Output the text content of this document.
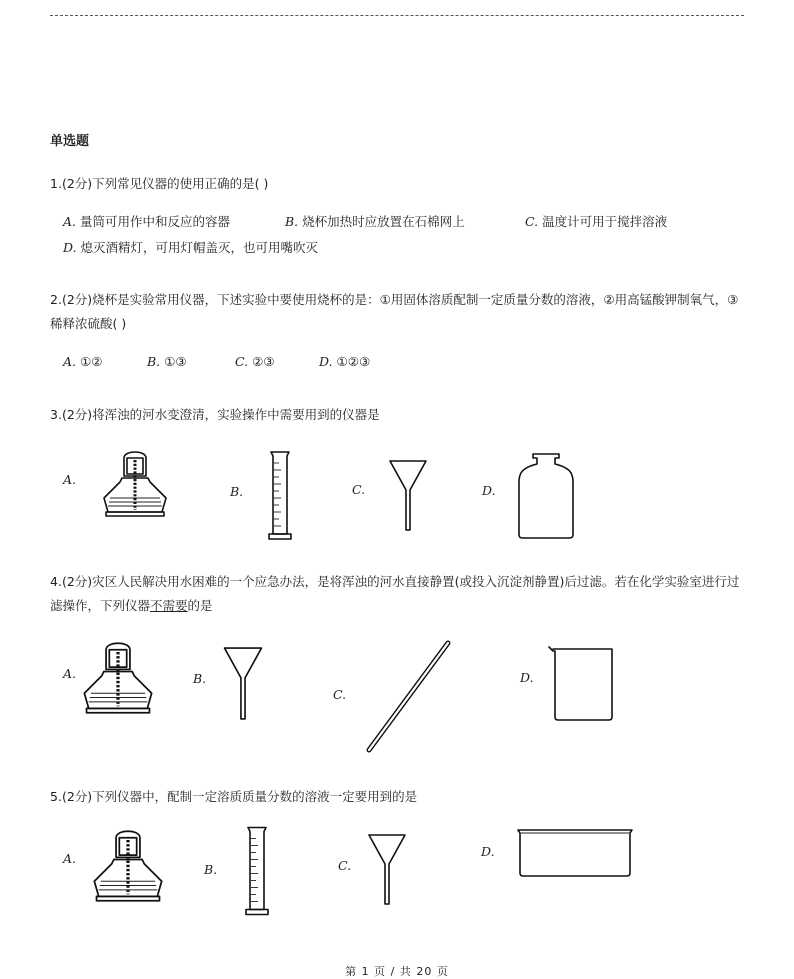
单选题
1.(2分)下列常见仪器的使用正确的是( )
A. 量筒可用作中和反应的容器	B. 烧杯加热时应放置在石棉网上	C. 温度计可用于搅拌溶液
D. 熄灭酒精灯，可用灯帽盖灭，也可用嘴吹灭
2.(2分)烧杯是实验常用仪器，下述实验中要使用烧杯的是：①用固体溶质配制一定质量分数的溶液，②用高锰酸钾制氧气，③稀释浓硫酸( )
A. ①②	B. ①③	C. ②③	D. ①②③
3.(2分)将浑浊的河水变澄清，实验操作中需要用到的仪器是
A.
B.	C.	D.
4.(2分)灾区人民解决用水困难的一个应急办法，是将浑浊的河水直接静置(或投入沉淀剂静置)后过滤。若在化学实验室进行过滤操作，下列仪器不需要的是
A.	B.
C.
D.
5.(2分)下列仪器中，配制一定溶质质量分数的溶液一定要用到的是
A.
B.	C.
D.
第 1 页 / 共 20 页
